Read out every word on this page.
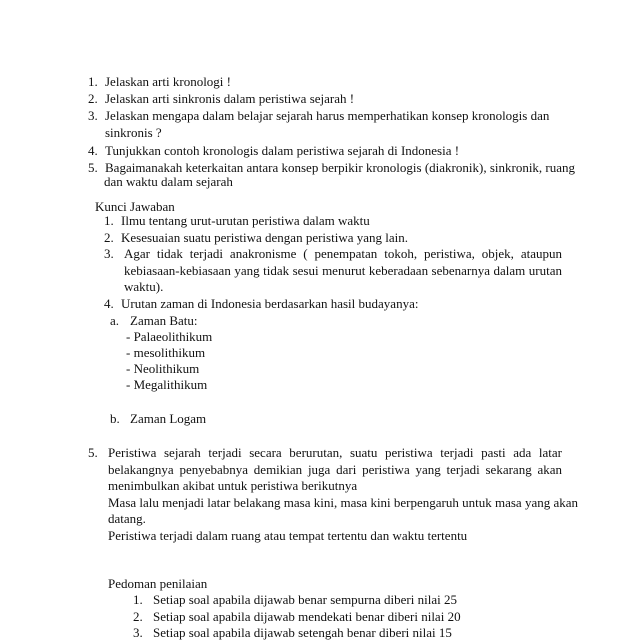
1. Jelaskan arti kronologi !
2. Jelaskan arti sinkronis dalam peristiwa sejarah !
3. Jelaskan mengapa dalam belajar sejarah harus memperhatikan konsep kronologis dan
sinkronis ?
4. Tunjukkan contoh kronologis dalam peristiwa sejarah di Indonesia !
5. Bagaimanakah keterkaitan antara konsep berpikir kronologis (diakronik), sinkronik, ruang
dan waktu dalam sejarah
Kunci Jawaban
1. Ilmu tentang urut-urutan peristiwa dalam waktu
2. Kesesuaian suatu peristiwa dengan peristiwa yang lain.
3. Agar tidak terjadi anakronisme ( penempatan tokoh, peristiwa, objek, ataupun
kebiasaan-kebiasaan yang tidak sesui menurut keberadaan sebenarnya dalam urutan
waktu).
4. Urutan zaman di Indonesia berdasarkan hasil budayanya:
a. Zaman Batu:
- Palaeolithikum
- mesolithikum
- Neolithikum
- Megalithikum
b. Zaman Logam
5. Peristiwa sejarah terjadi secara berurutan, suatu peristiwa terjadi pasti ada latar
belakangnya penyebabnya demikian juga dari peristiwa yang terjadi sekarang akan
menimbulkan akibat untuk peristiwa berikutnya
Masa lalu menjadi latar belakang masa kini, masa kini berpengaruh untuk masa yang akan
datang.
Peristiwa terjadi dalam ruang atau tempat tertentu dan waktu tertentu
Pedoman penilaian
1. Setiap soal apabila dijawab benar sempurna diberi nilai 25
2. Setiap soal apabila dijawab mendekati benar diberi nilai 20
3. Setiap soal apabila dijawab setengah benar diberi nilai 15
